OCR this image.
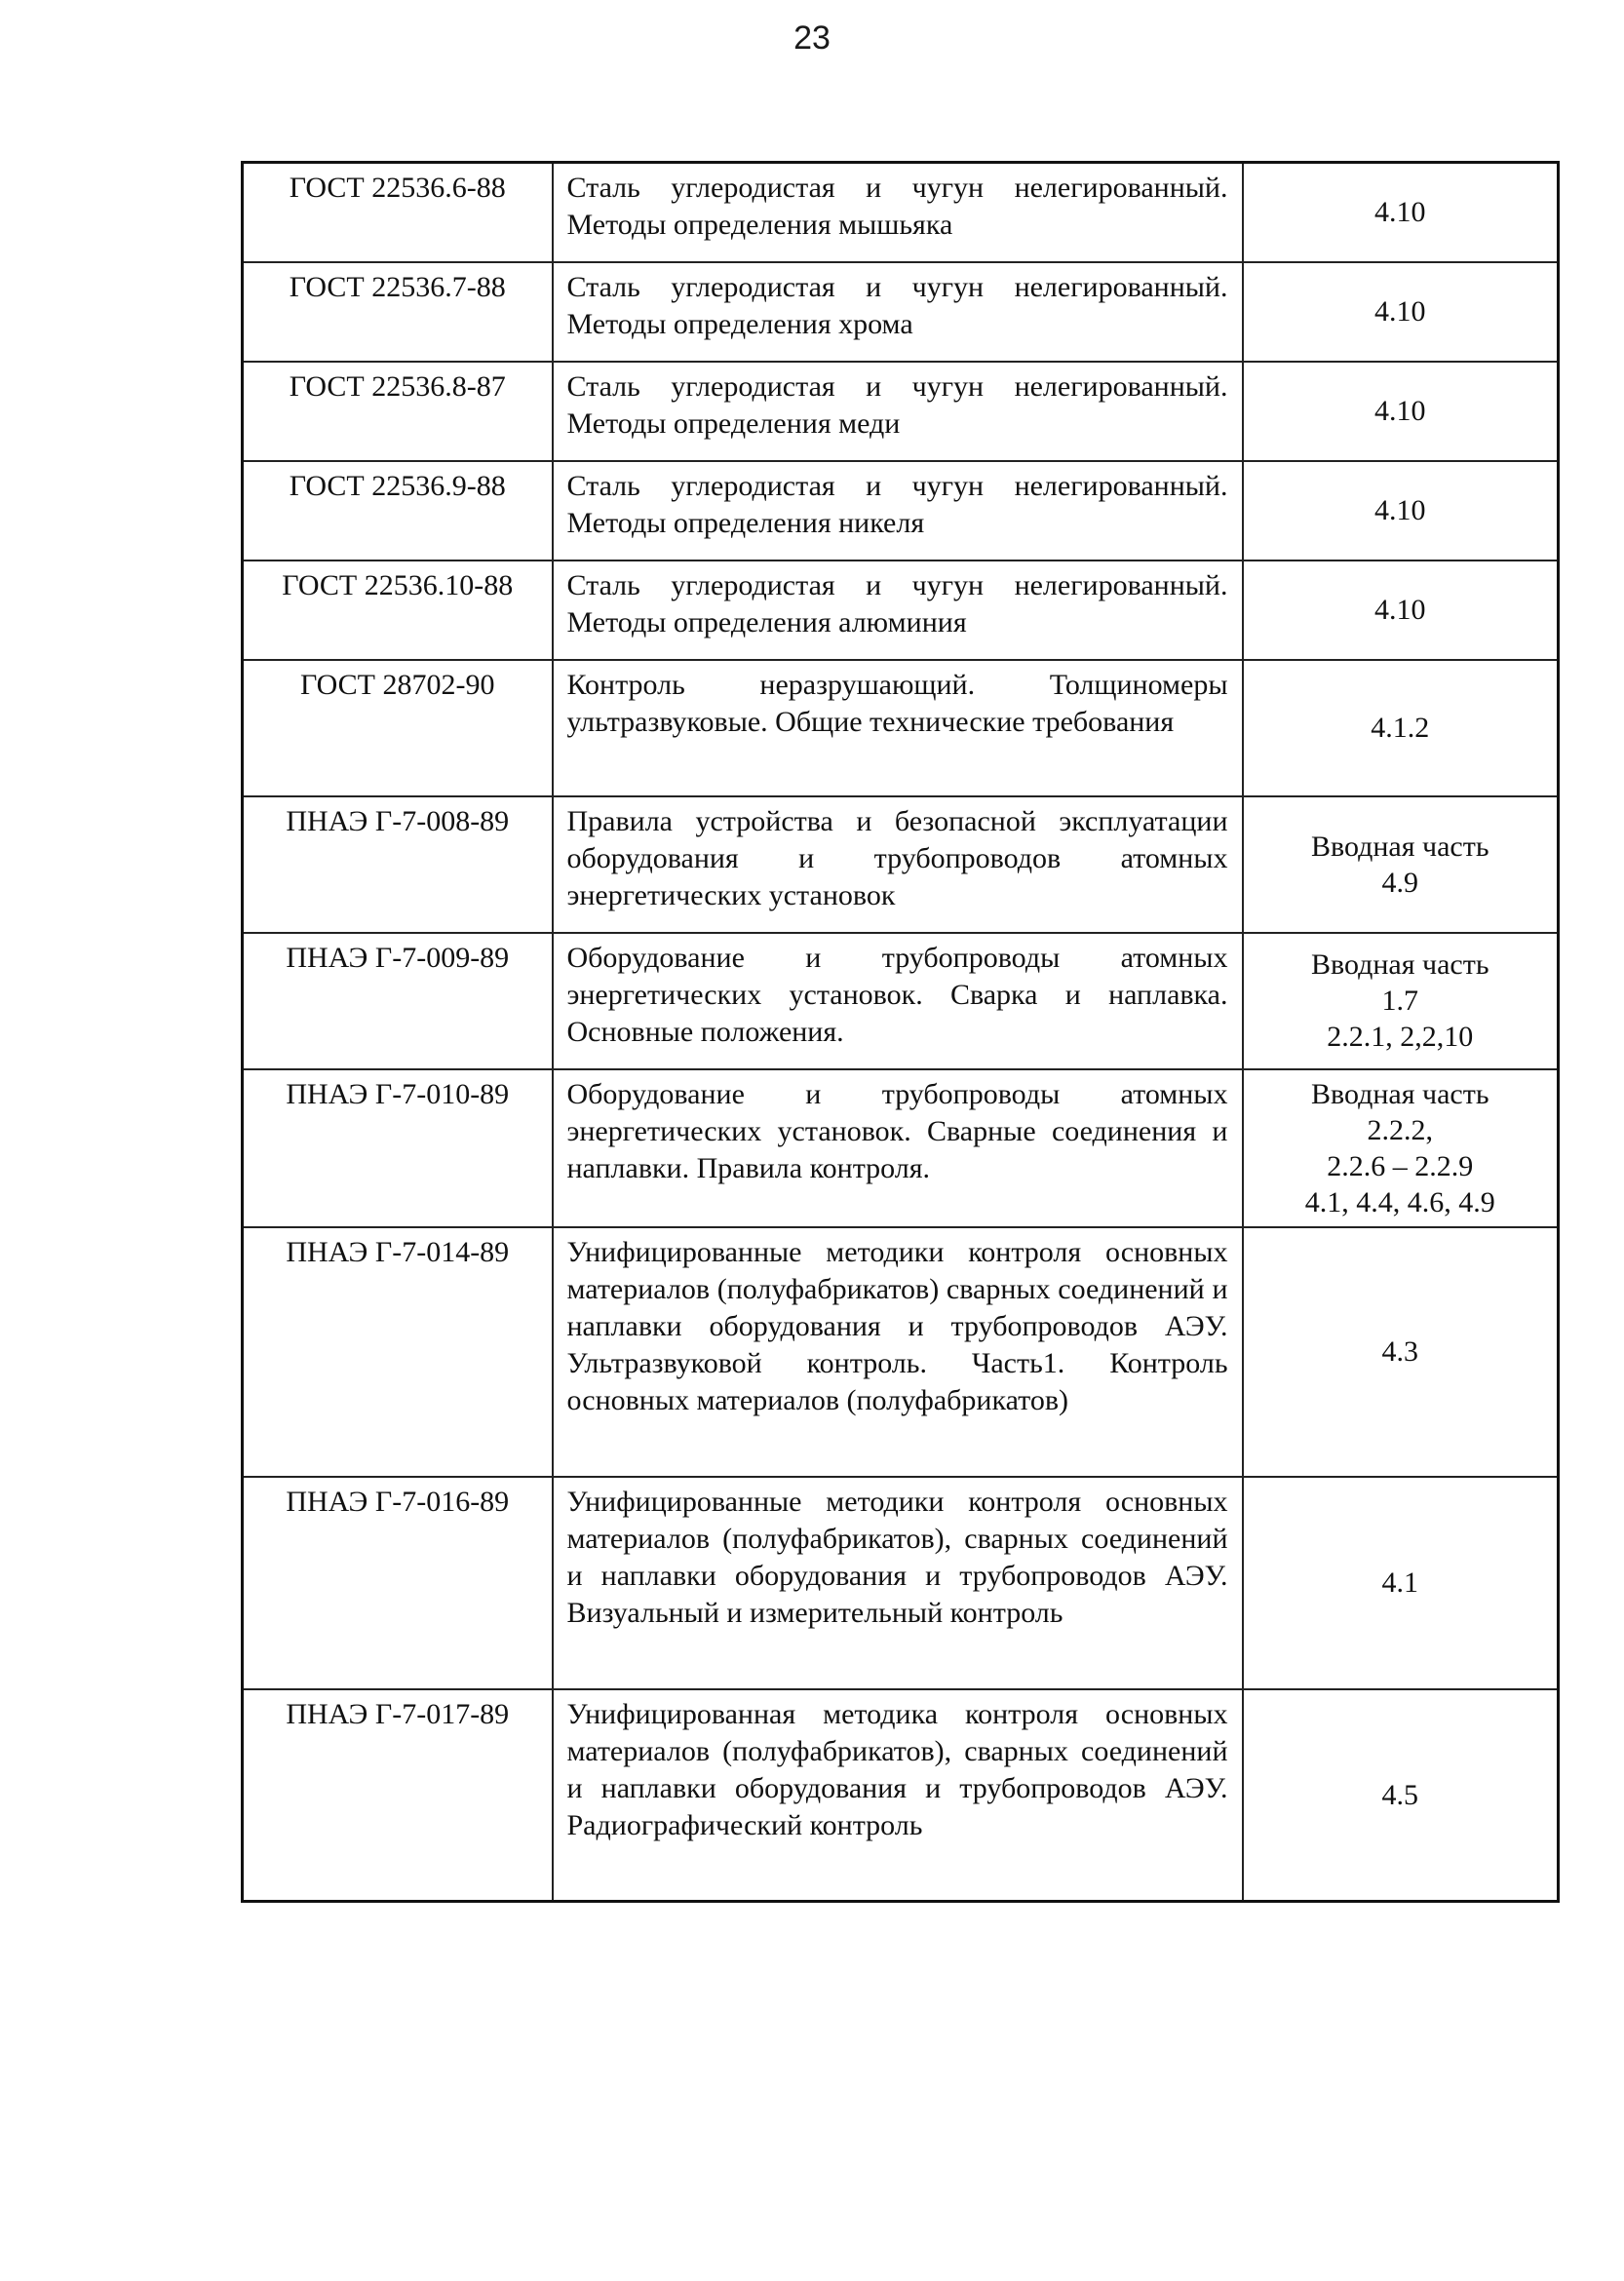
23
ГОСТ 22536.6-88	Сталь углеродистая и чугун нелегированный. Методы определения мышьяка	4.10

ГОСТ 22536.7-88	Сталь углеродистая и чугун нелегированный. Методы определения хрома	4.10

ГОСТ 22536.8-87	Сталь углеродистая и чугун нелегированный. Методы определения меди	4.10

ГОСТ 22536.9-88	Сталь углеродистая и чугун нелегированный. Методы определения никеля	4.10

ГОСТ 22536.10-88	Сталь углеродистая и чугун нелегированный. Методы определения алюминия	4.10

ГОСТ 28702-90	Контроль неразрушающий. Толщиномеры ультразвуковые. Общие технические требования	4.1.2

ПНАЭ Г-7-008-89	Правила устройства и безопасной эксплуатации оборудования и трубопроводов атомных энергетических установок	Вводная часть
4.9

ПНАЭ Г-7-009-89	Оборудование и трубопроводы атомных энергетических установок. Сварка и наплавка. Основные положения.	Вводная часть
1.7
2.2.1, 2,2,10

ПНАЭ Г-7-010-89	Оборудование и трубопроводы атомных энергетических установок. Сварные соединения и наплавки. Правила контроля.	Вводная часть
2.2.2,
2.2.6 – 2.2.9
4.1, 4.4, 4.6, 4.9

ПНАЭ Г-7-014-89	Унифицированные методики контроля основных материалов (полуфабрикатов) сварных соединений и наплавки оборудования и трубопроводов АЭУ. Ультразвуковой контроль. Часть1. Контроль основных материалов (полуфабрикатов)	4.3

ПНАЭ Г-7-016-89	Унифицированные методики контроля основных материалов (полуфабрикатов), сварных соединений и наплавки оборудования и трубопроводов АЭУ. Визуальный и измерительный контроль	4.1

ПНАЭ Г-7-017-89	Унифицированная методика контроля основных материалов (полуфабрикатов), сварных соединений и наплавки оборудования и трубопроводов АЭУ. Радиографический контроль	4.5
